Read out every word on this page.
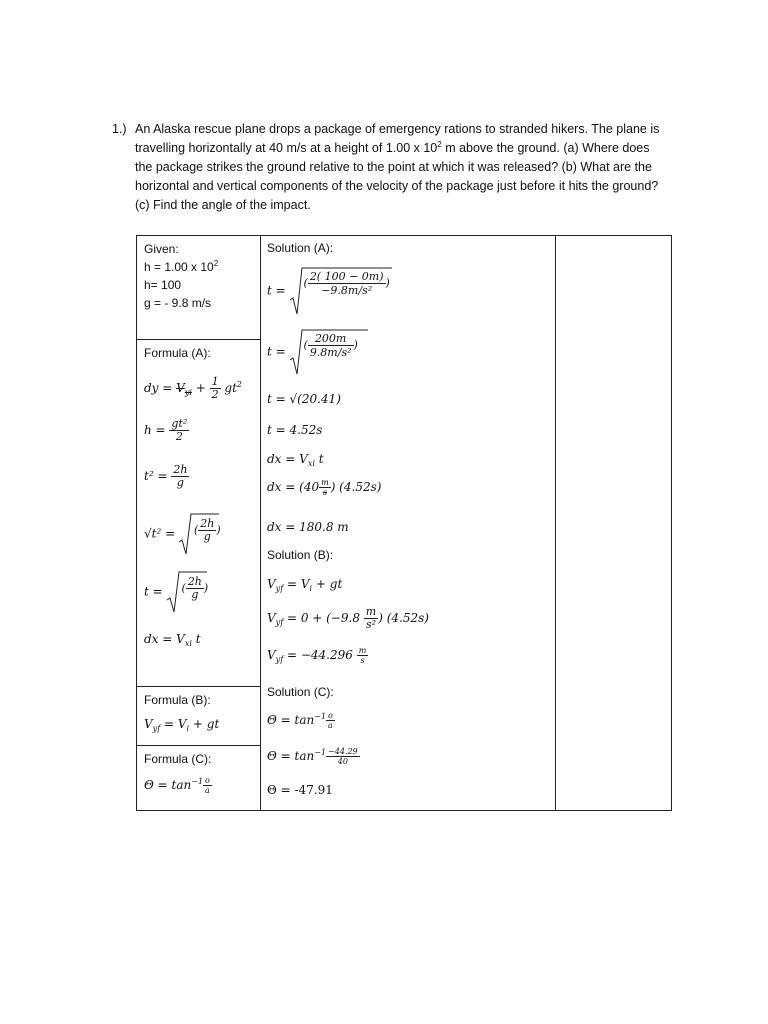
1.) An Alaska rescue plane drops a package of emergency rations to stranded hikers. The plane is
travelling horizontally at 40 m/s at a height of 1.00 x $10^2$ m above the ground. (a) Where does
the package strikes the ground relative to the point at which it was released? (b) What are the
horizontal and vertical components of the velocity of the package just before it hits the ground?
(c) Find the angle of the impact.
Given:
h = 1.00 x $10^2$
h= 100
g = - 9.8 m/s
Formula (A):
dy = $V_{yi} + \frac{1}{2} gt^2$
$h = \frac{\text{gt²}}{2}$
$t^2 = \frac{2h}{g}$
√t² = ( $\frac{2h}{g}$ )
t = ( $\frac{2h}{g}$ )
dx = $V_{xi}$ t
Formula (B):
$V_{yf} = V_i$ + gt
Formula (C):
$\Theta = \tan^{-1} \frac{o}{a}$
Solution (A):
t =
( $\frac{2( 100 - 0m)}{\text{−9.8m/s²}}$ )
t = ( $\frac{200m}{\text{9.8m/s²}}$ )
t = √(20.41)
t = 4.52s
dx = $V_{xi}$ t
dx = ($40 \frac{m}{s}$ ) (4.52s)
dx = 180.8 m
Solution (B):
$V_{yf} = V_i$ + gt
$V_{yf} = 0 + (-9.8 \frac{m}{\text{s²}}$ ) (4.52s)
$V_{yf} = -44.296 \frac{m}{s}$
Solution (C):
$\Theta = \tan^{-1} \frac{o}{a}$
$\Theta = \tan^{-1} \frac{-44.29}{40}$
Θ = -47.91
